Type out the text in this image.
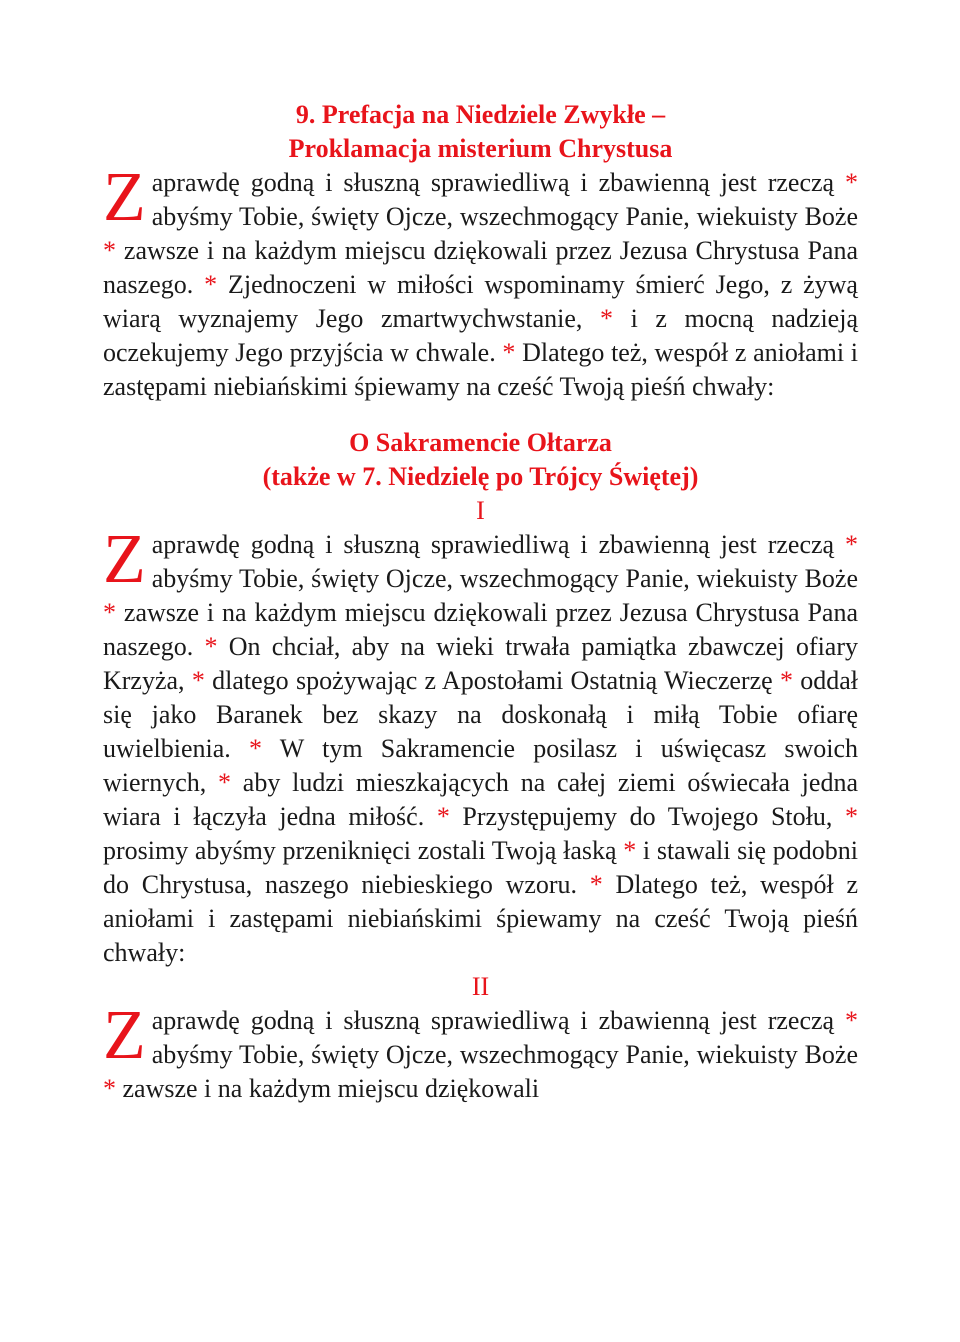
9. Prefacja na Niedziele Zwykłe –

Proklamacja misterium Chrystusa

Z aprawdę godną i słuszną sprawiedliwą i zbawienną jest rzeczą * abyśmy Tobie, święty Ojcze, wszechmogący Panie, wiekuisty Boże * zawsze i na każdym miejscu dziękowali przez Jezusa Chrystusa Pana naszego. * Zjednoczeni w miłości wspominamy śmierć Jego, z żywą wiarą wyznajemy Jego zmartwychwstanie, * i z mocną nadzieją oczekujemy Jego przyjścia w chwale. * Dlatego też, wespół z aniołami i zastępami niebiańskimi śpiewamy na cześć Twoją pieśń chwały:

O Sakramencie Ołtarza

(także w 7. Niedzielę po Trójcy Świętej)

I

Z aprawdę godną i słuszną sprawiedliwą i zbawienną jest rzeczą * abyśmy Tobie, święty Ojcze, wszechmogący Panie, wiekuisty Boże * zawsze i na każdym miejscu dziękowali przez Jezusa Chrystusa Pana naszego. * On chciał, aby na wieki trwała pamiątka zbawczej ofiary Krzyża, * dlatego spożywając z Apostołami Ostatnią Wieczerzę * oddał się jako Baranek bez skazy na doskonałą i miłą Tobie ofiarę uwielbienia. * W tym Sakramencie posilasz i uświęcasz swoich wiernych, * aby ludzi mieszkających na całej ziemi oświecała jedna wiara i łączyła jedna miłość. * Przystępujemy do Twojego Stołu, * prosimy abyśmy przeniknięci zostali Twoją łaską * i stawali się podobni do Chrystusa, naszego niebieskiego wzoru. * Dlatego też, wespół z aniołami i zastępami niebiańskimi śpiewamy na cześć Twoją pieśń chwały:

II

Z aprawdę godną i słuszną sprawiedliwą i zbawienną jest rzeczą * abyśmy Tobie, święty Ojcze, wszechmogący Panie, wiekuisty Boże * zawsze i na każdym miejscu dziękowali
